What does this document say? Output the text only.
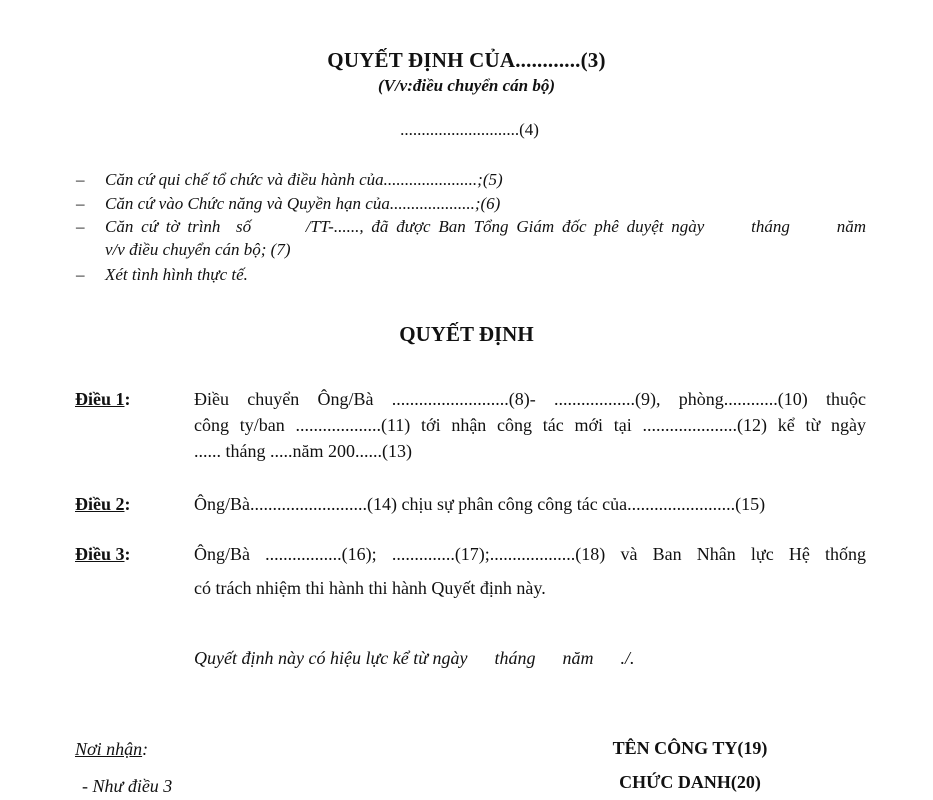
QUYẾT ĐỊNH CỦA............(3)
(V/v:điều chuyển cán bộ)
............................(4)
– Căn cứ qui chế tổ chức và điều hành của......................;(5)
– Căn cứ vào Chức năng và Quyền hạn của....................;(6)
– Căn cứ tờ trình  số       /TT-......, đã được Ban Tổng Giám đốc phê duyệt ngày      tháng      năm
v/v điều chuyển cán bộ; (7)
– Xét tình hình thực tế.
QUYẾT ĐỊNH
Điều 1:	Điều chuyển Ông/Bà ..........................(8)- ..................(9), phòng............(10) thuộc
công ty/ban ...................(11) tới nhận công tác mới tại .....................(12) kể từ ngày
...... tháng .....năm 200......(13)
Điều 2:	Ông/Bà..........................(14) chịu sự phân công công tác của........................(15)
Điều 3:	Ông/Bà .................(16); ..............(17);...................(18) và Ban Nhân lực Hệ thống
có trách nhiệm thi hành thi hành Quyết định này.
Quyết định này có hiệu lực kể từ ngày      tháng      năm      ./.
Nơi nhận:
- Như điều 3
TÊN CÔNG TY(19)
CHỨC DANH(20)
